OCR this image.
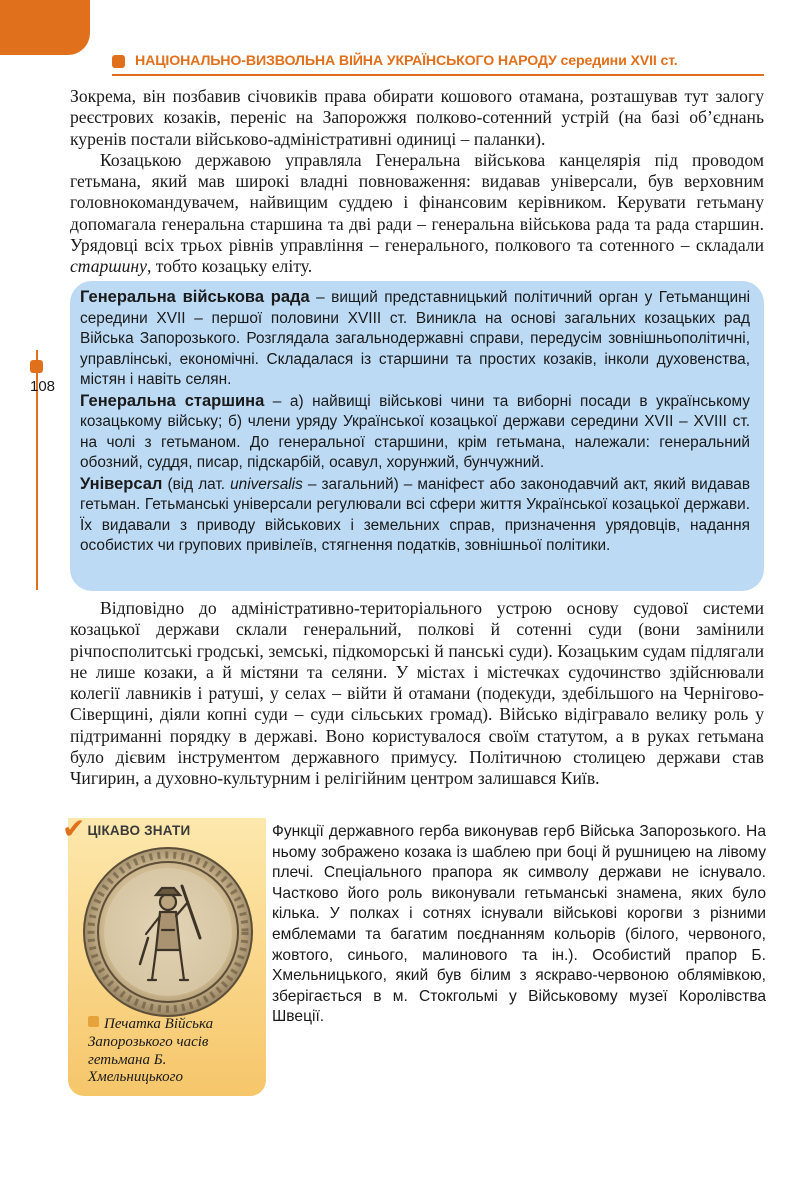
НАЦІОНАЛЬНО-ВИЗВОЛЬНА ВІЙНА УКРАЇНСЬКОГО НАРОДУ середини XVII ст.
108

Зокрема, він позбавив січовиків права обирати кошового отамана, розташував тут залогу реєстрових козаків, переніс на Запорожжя полково-сотенний устрій (на базі об’єднань куренів постали військово-адміністративні одиниці – паланки).

Козацькою державою управляла Генеральна військова канцелярія під проводом гетьмана, який мав широкі владні повноваження: видавав універсали, був верховним головнокомандувачем, найвищим суддею і фінансовим керівником. Керувати гетьману допомагала генеральна старшина та дві ради – генеральна військова рада та рада старшин. Урядовці всіх трьох рівнів управління – генерального, полкового та сотенного – складали старшину, тобто козацьку еліту.

Генеральна військова рада – вищий представницький політичний орган у Гетьманщині середини XVII – першої половини XVIII ст. Виникла на основі загальних козацьких рад Війська Запорозького. Розглядала загальнодержавні справи, передусім зовнішньополітичні, управлінські, економічні. Складалася із старшини та простих козаків, інколи духовенства, містян і навіть селян.

Генеральна старшина – а) найвищі військові чини та виборні посади в українському козацькому війську; б) члени уряду Української козацької держави середини XVII – XVIII ст. на чолі з гетьманом. До генеральної старшини, крім гетьмана, належали: генеральний обозний, суддя, писар, підскарбій, осавул, хорунжий, бунчужний.

Універсал (від лат. universalis – загальний) – маніфест або законодавчий акт, який видавав гетьман. Гетьманські універсали регулювали всі сфери життя Української козацької держави. Їх видавали з приводу військових і земельних справ, призначення урядовців, надання особистих чи групових привілеїв, стягнення податків, зовнішньої політики.

Відповідно до адміністративно-територіального устрою основу судової системи козацької держави склали генеральний, полкові й сотенні суди (вони замінили річпосполитські гродські, земські, підкоморські й панські суди). Козацьким судам підлягали не лише козаки, а й містяни та селяни. У містах і містечках судочинство здійснювали колегії лавників і ратуші, у селах – війти й отамани (подекуди, здебільшого на Чернігово-Сіверщині, діяли копні суди – суди сільських громад). Військо відігравало велику роль у підтриманні порядку в державі. Воно користувалося своїм статутом, а в руках гетьмана було дієвим інструментом державного примусу. Політичною столицею держави став Чигирин, а духовно-культурним і релігійним центром залишався Київ.

✔ ЦІКАВО ЗНАТИ
Печатка Війська Запорозького часів гетьмана Б. Хмельницького

Функції державного герба виконував герб Війська Запорозького. На ньому зображено козака із шаблею при боці й рушницею на лівому плечі. Спеціального прапора як символу держави не існувало. Частково його роль виконували гетьманські знамена, яких було кілька. У полках і сотнях існували військові корогви з різними емблемами та багатим поєднанням кольорів (білого, червоного, жовтого, синього, малинового та ін.). Особистий прапор Б. Хмельницького, який був білим з яскраво-червоною облямівкою, зберігається в м. Стокгольмі у Військовому музеї Королівства Швеції.
